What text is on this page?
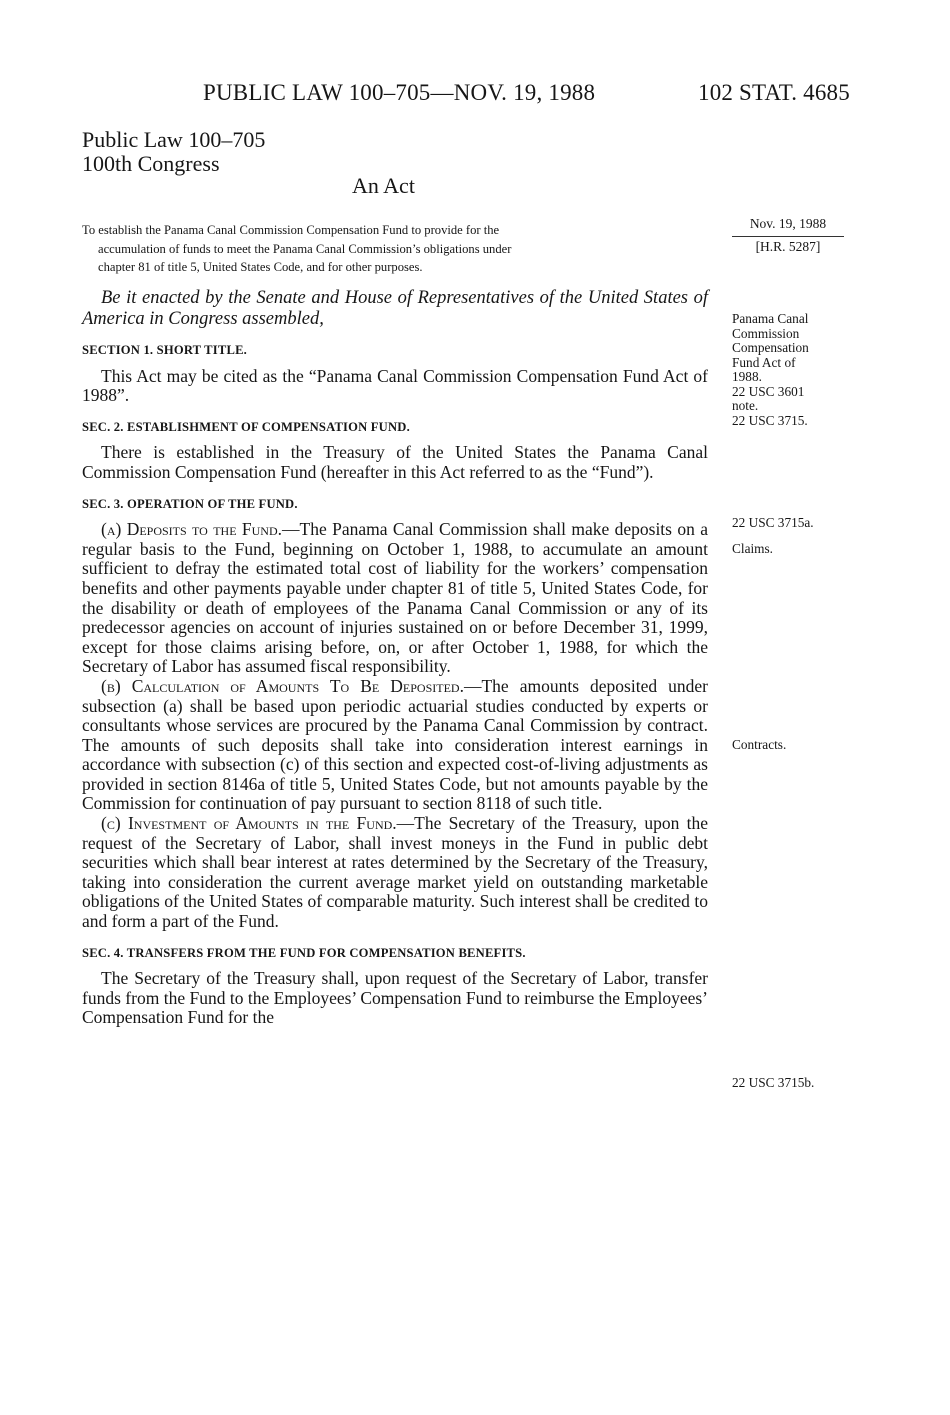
PUBLIC LAW 100–705—NOV. 19, 1988	102 STAT. 4685
Public Law 100–705
100th Congress
An Act
To establish the Panama Canal Commission Compensation Fund to provide for the
accumulation of funds to meet the Panama Canal Commission’s obligations under
chapter 81 of title 5, United States Code, and for other purposes.
Nov. 19, 1988
[H.R. 5287]

Be it enacted by the Senate and House of Representatives of the United States of America in Congress assembled,

SECTION 1. SHORT TITLE.

This Act may be cited as the “Panama Canal Commission Compensation Fund Act of 1988”.

SEC. 2. ESTABLISHMENT OF COMPENSATION FUND.

There is established in the Treasury of the United States the Panama Canal Commission Compensation Fund (hereafter in this Act referred to as the “Fund”).

SEC. 3. OPERATION OF THE FUND.

(a) Deposits to the Fund.—The Panama Canal Commission shall make deposits on a regular basis to the Fund, beginning on October 1, 1988, to accumulate an amount sufficient to defray the estimated total cost of liability for the workers’ compensation benefits and other payments payable under chapter 81 of title 5, United States Code, for the disability or death of employees of the Panama Canal Commission or any of its predecessor agencies on account of injuries sustained on or before December 31, 1999, except for those claims arising before, on, or after October 1, 1988, for which the Secretary of Labor has assumed fiscal responsibility.

(b) Calculation of Amounts To Be Deposited.—The amounts deposited under subsection (a) shall be based upon periodic actuarial studies conducted by experts or consultants whose services are procured by the Panama Canal Commission by contract. The amounts of such deposits shall take into consideration interest earnings in accordance with subsection (c) of this section and expected cost-of-living adjustments as provided in section 8146a of title 5, United States Code, but not amounts payable by the Commission for continuation of pay pursuant to section 8118 of such title.

(c) Investment of Amounts in the Fund.—The Secretary of the Treasury, upon the request of the Secretary of Labor, shall invest moneys in the Fund in public debt securities which shall bear interest at rates determined by the Secretary of the Treasury, taking into consideration the current average market yield on outstanding marketable obligations of the United States of comparable maturity. Such interest shall be credited to and form a part of the Fund.

SEC. 4. TRANSFERS FROM THE FUND FOR COMPENSATION BENEFITS.

The Secretary of the Treasury shall, upon request of the Secretary of Labor, transfer funds from the Fund to the Employees’ Compensation Fund to reimburse the Employees’ Compensation Fund for the

Panama Canal
Commission
Compensation
Fund Act of
1988.
22 USC 3601
note.
22 USC 3715.
22 USC 3715a.
Claims.
Contracts.
22 USC 3715b.
